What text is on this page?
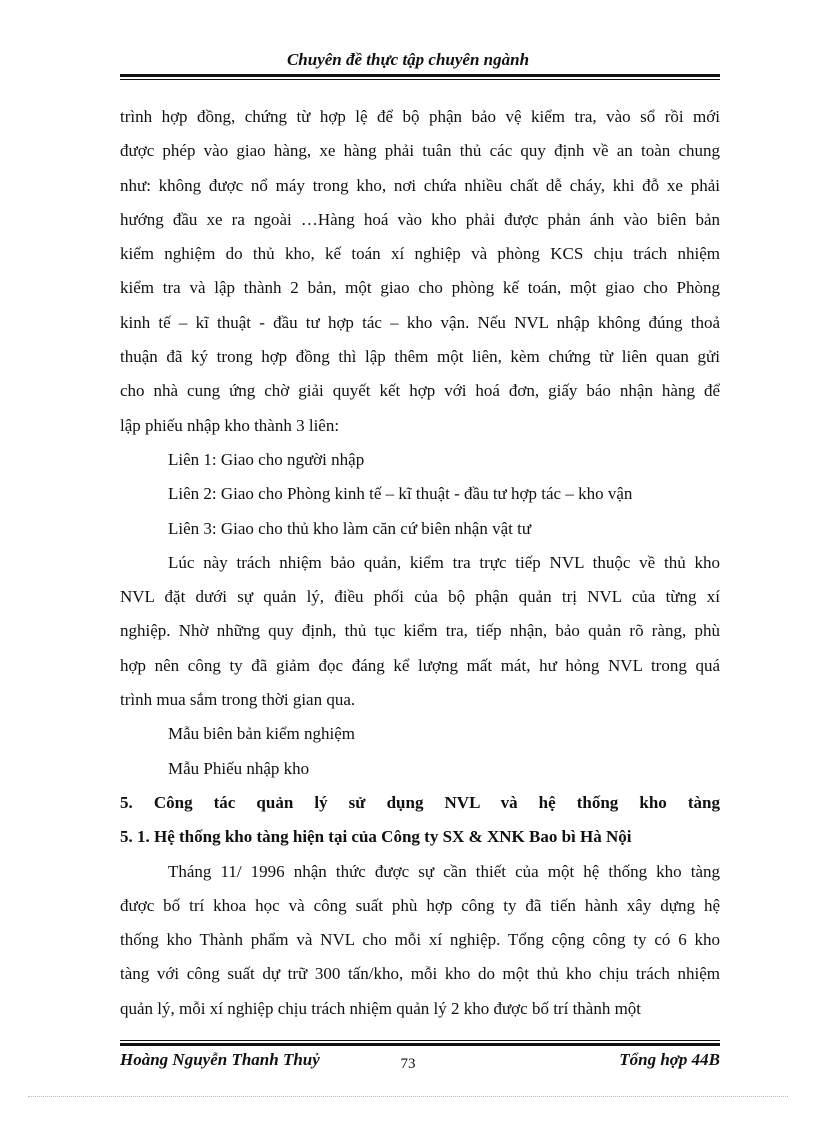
Chuyên đề thực tập chuyên ngành
trình hợp đồng, chứng từ hợp lệ để bộ phận bảo vệ kiểm tra, vào sổ rồi mới
được phép vào giao hàng, xe hàng phải tuân thủ các quy định về an toàn chung
như: không được nổ máy trong kho, nơi chứa nhiều chất dễ cháy, khi đỗ xe phải
hướng đầu xe ra ngoài …Hàng hoá vào kho phải được phản ánh vào biên bản
kiểm nghiệm do thủ kho, kế toán xí nghiệp và phòng KCS chịu trách nhiệm
kiểm tra và lập thành 2 bản, một giao cho phòng kế toán, một giao cho Phòng
kinh tế – kĩ thuật - đầu tư hợp tác – kho vận. Nếu NVL nhập không đúng thoả
thuận đã ký trong hợp đồng thì lập thêm một liên, kèm chứng từ liên quan gửi
cho nhà cung ứng chờ giải quyết kết hợp với hoá đơn, giấy báo nhận hàng để
lập phiếu nhập kho thành 3 liên:
Liên 1: Giao cho người nhập
Liên 2: Giao cho Phòng kinh tế – kĩ thuật - đầu tư hợp tác – kho vận
Liên 3: Giao cho thủ kho làm căn cứ biên nhận vật tư
Lúc này trách nhiệm bảo quản, kiểm tra trực tiếp NVL thuộc về thủ kho
NVL đặt dưới sự quản lý, điều phối của bộ phận quản trị NVL của từng xí
nghiệp. Nhờ những quy định, thủ tục kiểm tra, tiếp nhận, bảo quản rõ ràng, phù
hợp nên công ty đã giảm đọc đáng kể lượng mất mát, hư hỏng NVL trong quá
trình mua sắm trong thời gian qua.
Mẫu biên bản kiểm nghiệm
Mẫu Phiếu nhập kho
5. Công tác quản lý sử dụng NVL và hệ thống kho tàng
5. 1. Hệ thống kho tàng hiện tại của Công ty SX & XNK Bao bì Hà Nội
Tháng 11/ 1996 nhận thức được sự cần thiết của một hệ thống kho tàng
được bố trí khoa học và công suất phù hợp công ty đã tiến hành xây dựng hệ
thống kho Thành phẩm và NVL cho mỗi xí nghiệp. Tổng cộng công ty có 6 kho
tàng với công suất dự trữ 300 tấn/kho, mỗi kho do một thủ kho chịu trách nhiệm
quản lý, mỗi xí nghiệp chịu trách nhiệm quản lý 2 kho được bố trí thành một
Hoàng Nguyễn Thanh Thuỷ	73	Tổng hợp 44B
